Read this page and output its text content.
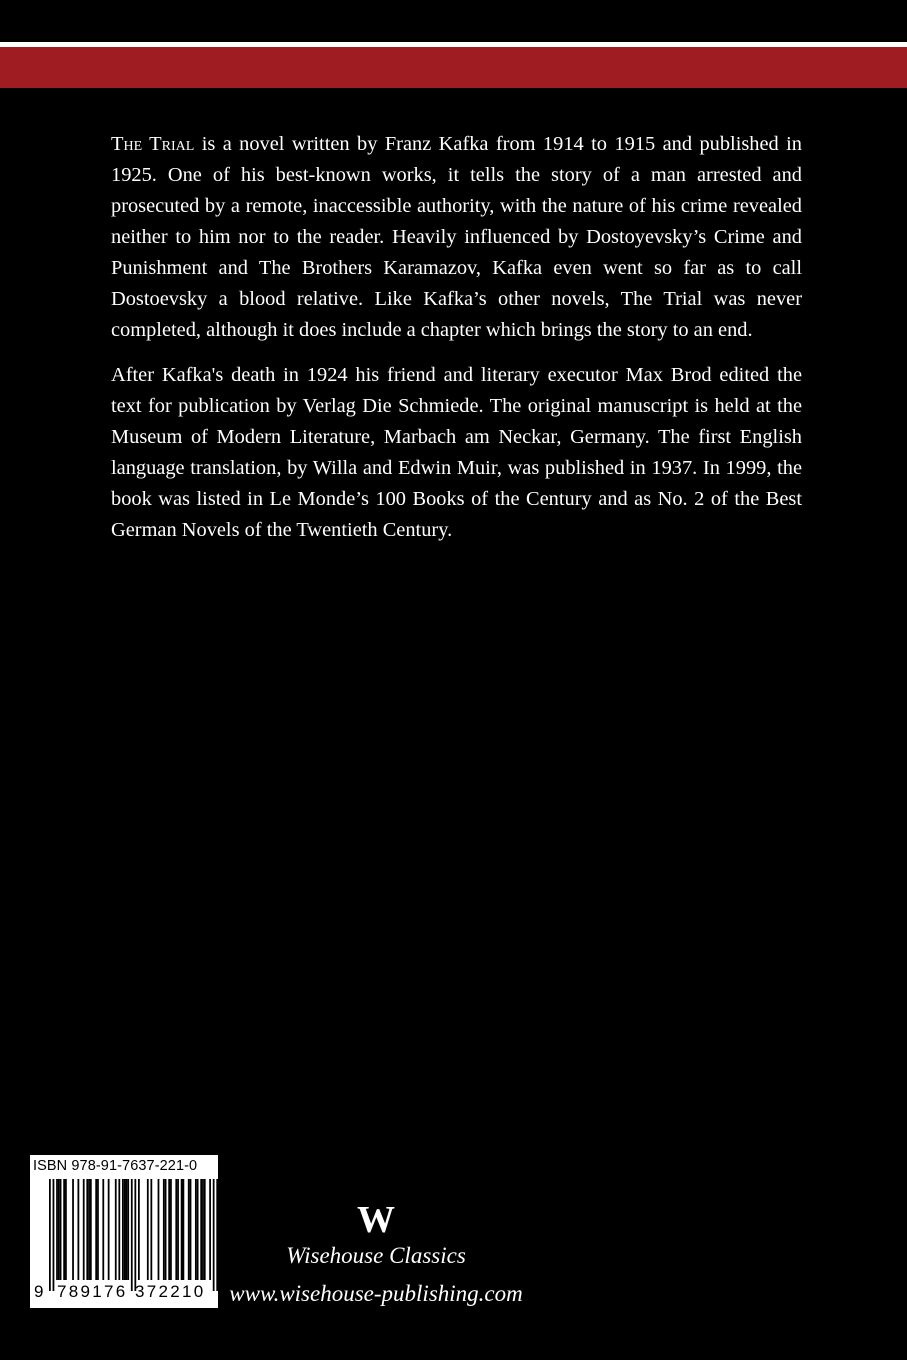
The Trial is a novel written by Franz Kafka from 1914 to 1915 and published in 1925. One of his best-known works, it tells the story of a man arrested and prosecuted by a remote, inaccessible authority, with the nature of his crime revealed neither to him nor to the reader. Heavily influenced by Dostoyevsky’s Crime and Punishment and The Brothers Karamazov, Kafka even went so far as to call Dostoevsky a blood relative. Like Kafka’s other novels, The Trial was never completed, although it does include a chapter which brings the story to an end.

After Kafka's death in 1924 his friend and literary executor Max Brod edited the text for publication by Verlag Die Schmiede. The original manuscript is held at the Museum of Modern Literature, Marbach am Neckar, Germany. The first English language translation, by Willa and Edwin Muir, was published in 1937. In 1999, the book was listed in Le Monde’s 100 Books of the Century and as No. 2 of the Best German Novels of the Twentieth Century.

ISBN 978-91-7637-221-0
9 789176 372210
W
Wisehouse Classics
www.wisehouse-publishing.com
